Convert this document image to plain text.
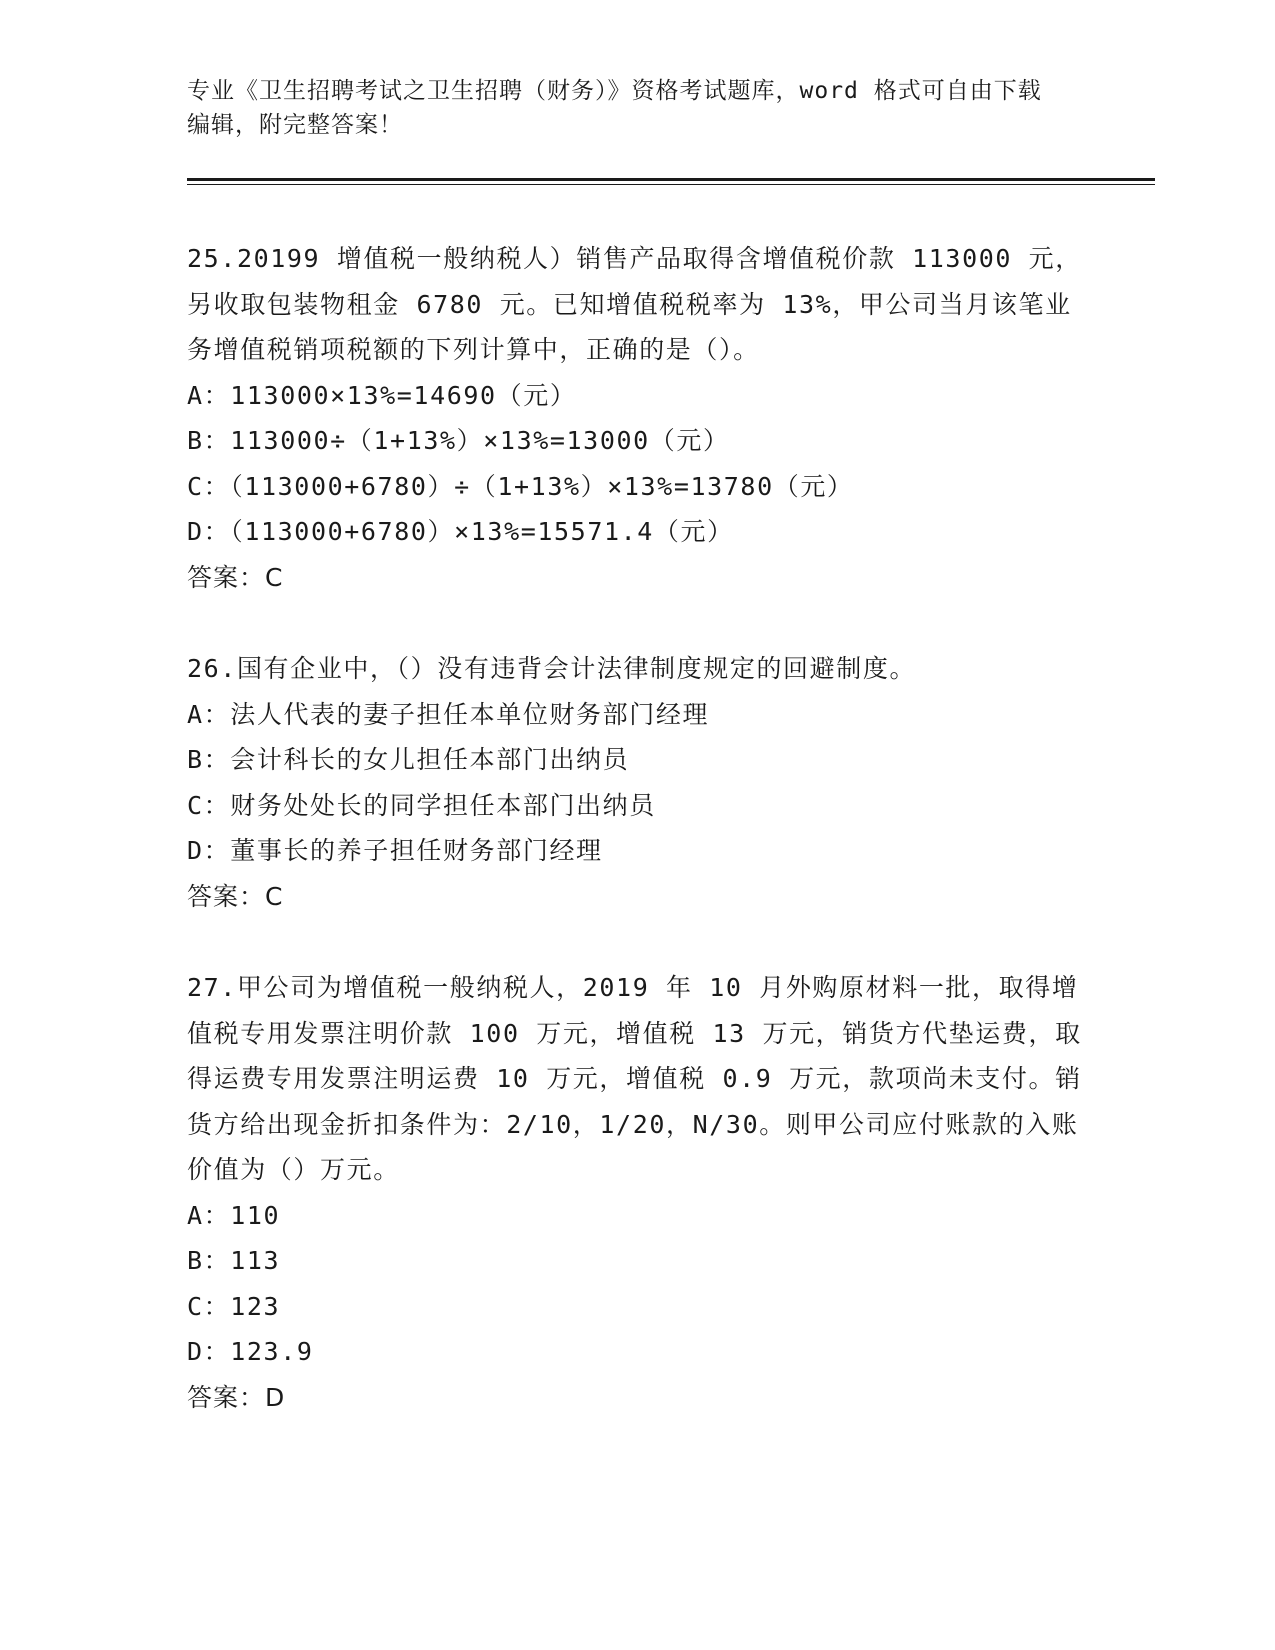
专业《卫生招聘考试之卫生招聘（财务）》资格考试题库，word 格式可自由下载
编辑，附完整答案！
25.20199 增值税一般纳税人）销售产品取得含增值税价款 113000 元，另收取包装物租金 6780 元。已知增值税税率为 13%，甲公司当月该笔业务增值税销项税额的下列计算中，正确的是（）。
A：113000×13%=14690（元）
B：113000÷（1+13%）×13%=13000（元）
C：（113000+6780）÷（1+13%）×13%=13780（元）
D：（113000+6780）×13%=15571.4（元）
答案：C
26.国有企业中，（）没有违背会计法律制度规定的回避制度。
A：法人代表的妻子担任本单位财务部门经理
B：会计科长的女儿担任本部门出纳员
C：财务处处长的同学担任本部门出纳员
D：董事长的养子担任财务部门经理
答案：C
27.甲公司为增值税一般纳税人，2019 年 10 月外购原材料一批，取得增值税专用发票注明价款 100 万元，增值税 13 万元，销货方代垫运费，取得运费专用发票注明运费 10 万元，增值税 0.9 万元，款项尚未支付。销货方给出现金折扣条件为：2/10，1/20，N/30。则甲公司应付账款的入账价值为（）万元。
A：110
B：113
C：123
D：123.9
答案：D
